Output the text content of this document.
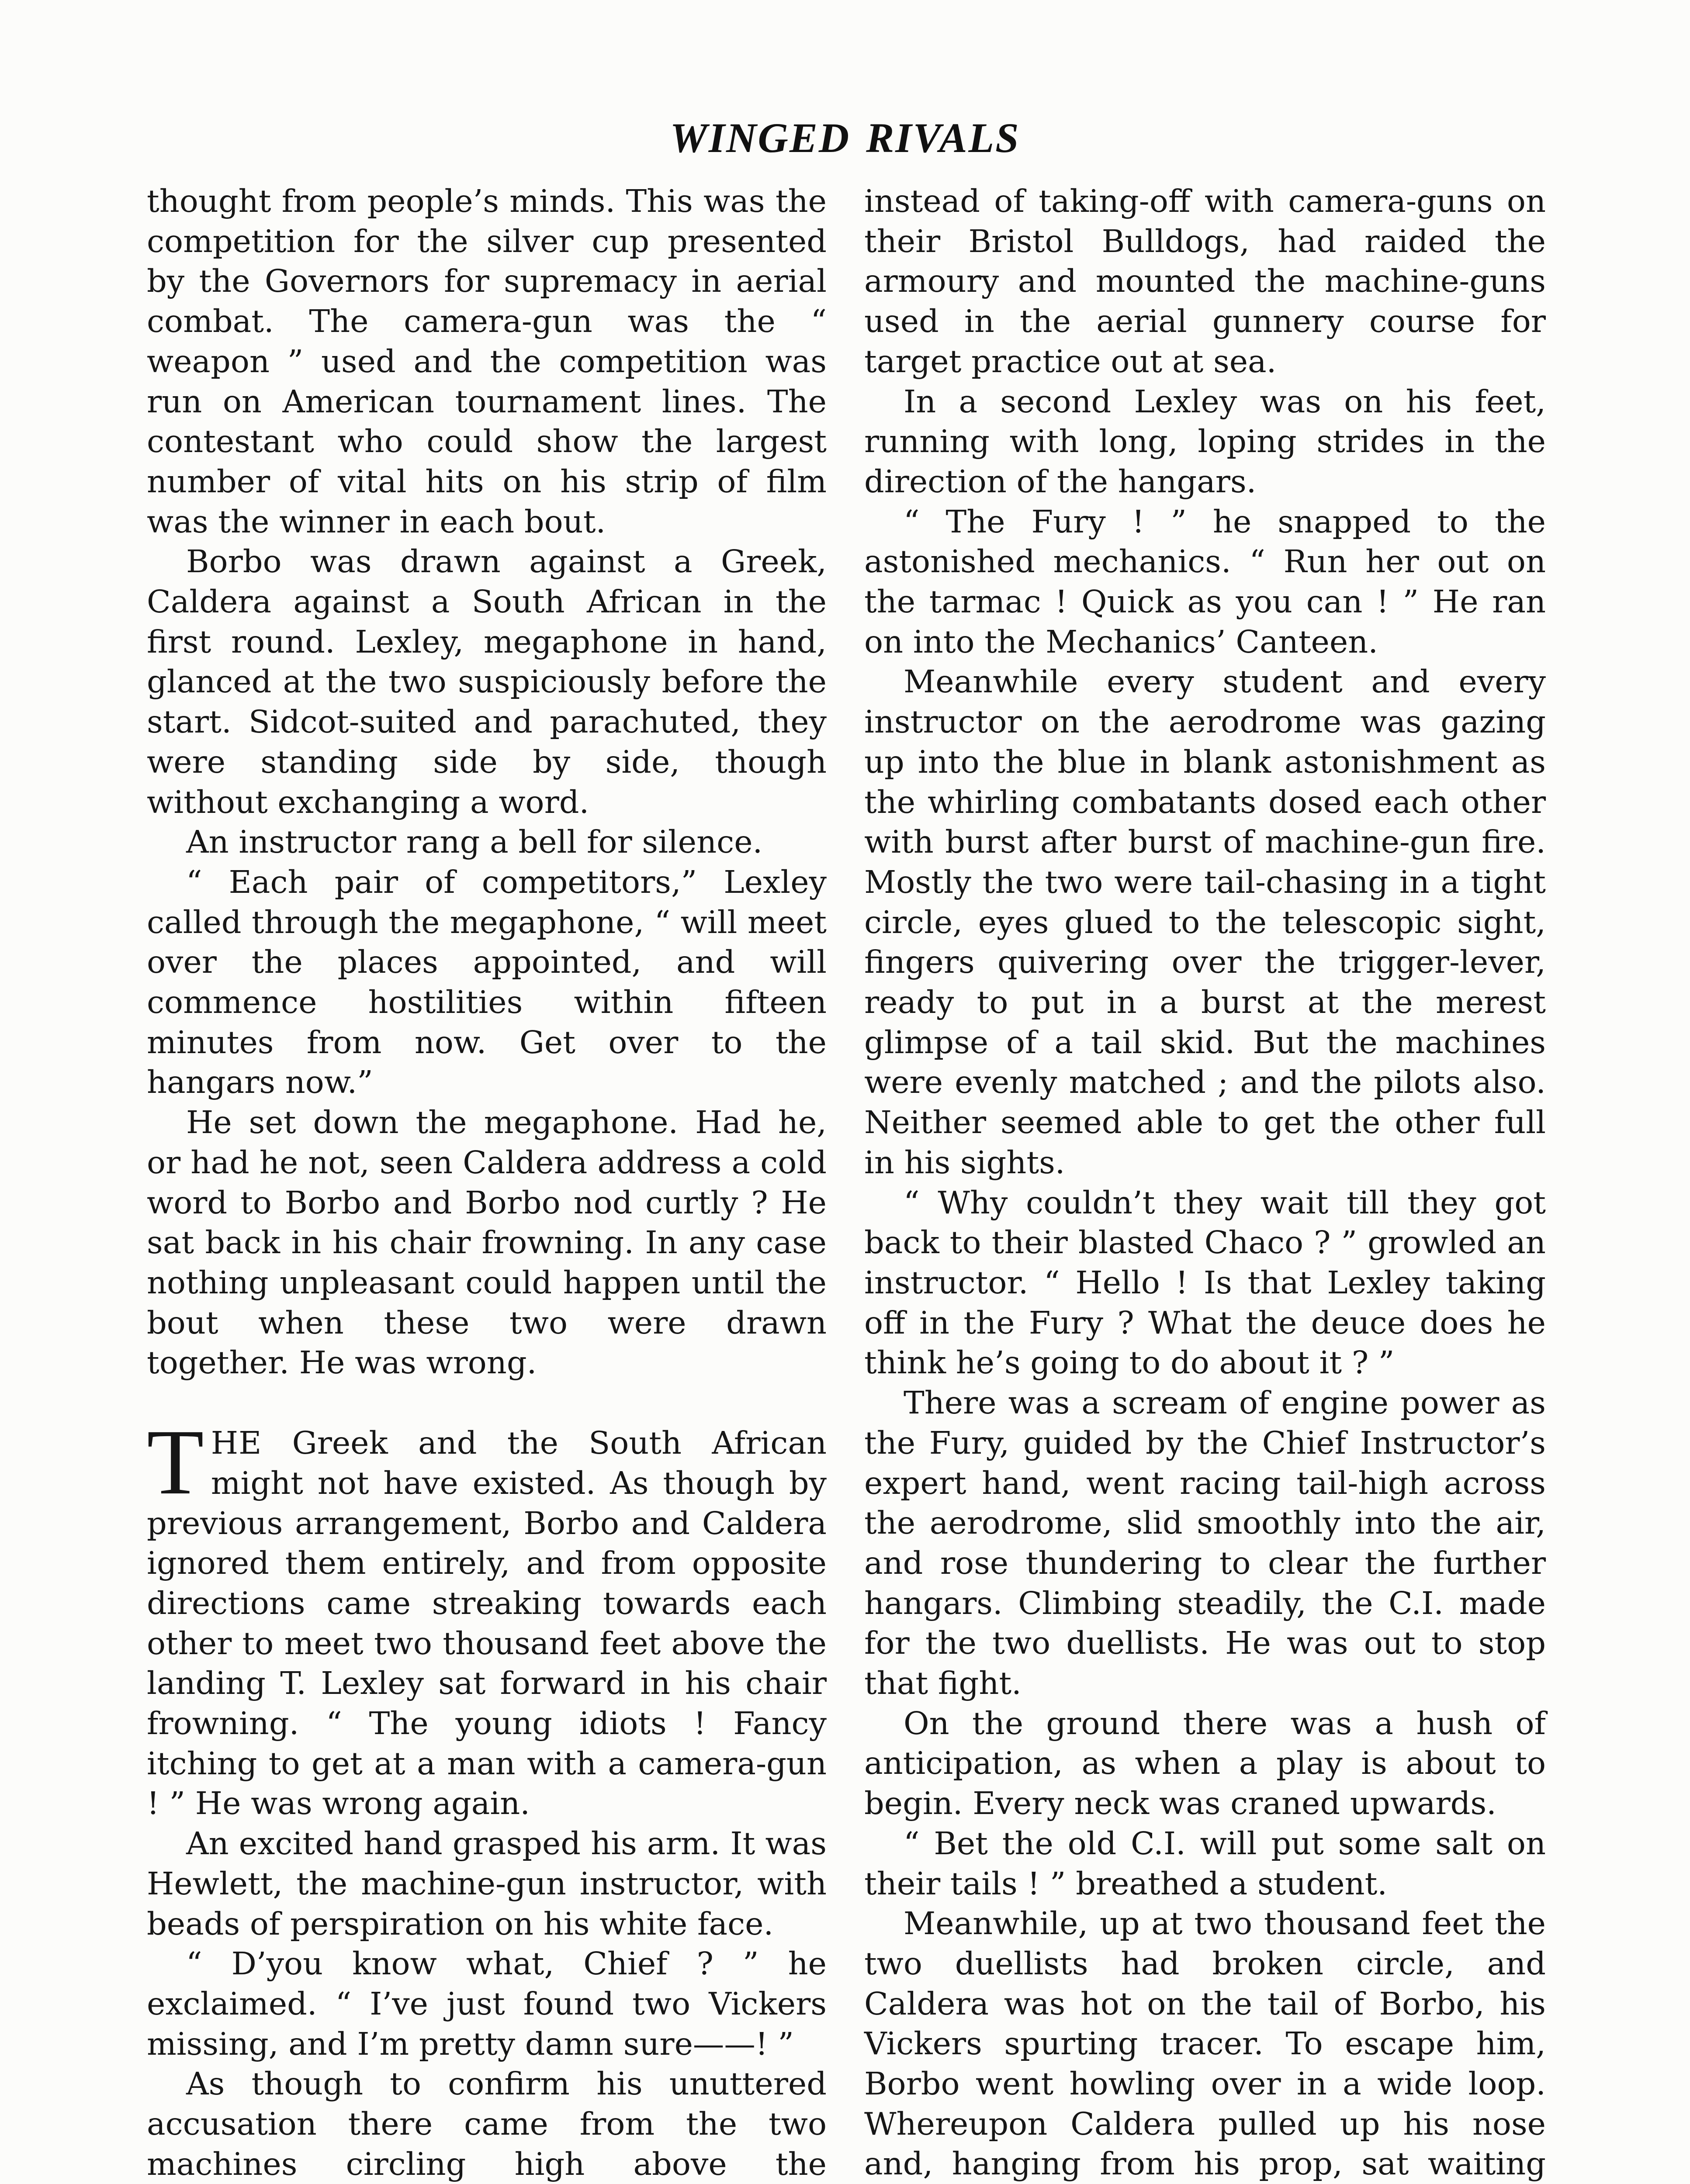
WINGED RIVALS

thought from people’s minds. This was the competition for the silver cup presented by the Governors for supremacy in aerial combat. The camera-gun was the “ weapon ” used and the competition was run on American tournament lines. The contestant who could show the largest number of vital hits on his strip of film was the winner in each bout.

Borbo was drawn against a Greek, Caldera against a South African in the first round. Lexley, megaphone in hand, glanced at the two suspiciously before the start. Sidcot-suited and parachuted, they were standing side by side, though without exchanging a word.

An instructor rang a bell for silence.

“ Each pair of competitors,” Lexley called through the megaphone, “ will meet over the places appointed, and will commence hostilities within fifteen minutes from now. Get over to the hangars now.”

He set down the megaphone. Had he, or had he not, seen Caldera address a cold word to Borbo and Borbo nod curtly ? He sat back in his chair frowning. In any case nothing unpleasant could happen until the bout when these two were drawn together. He was wrong.

THE Greek and the South African might not have existed. As though by previous arrangement, Borbo and Caldera ignored them entirely, and from opposite directions came streaking towards each other to meet two thousand feet above the landing T. Lexley sat forward in his chair frowning. “ The young idiots ! Fancy itching to get at a man with a camera-gun ! ” He was wrong again.

An excited hand grasped his arm. It was Hewlett, the machine-gun instructor, with beads of perspiration on his white face.

“ D’you know what, Chief ? ” he exclaimed. “ I’ve just found two Vickers missing, and I’m pretty damn sure——! ”

As though to confirm his unuttered accusation there came from the two machines circling high above the

instead of taking-off with camera-guns on their Bristol Bulldogs, had raided the armoury and mounted the machine-guns used in the aerial gunnery course for target practice out at sea.

In a second Lexley was on his feet, running with long, loping strides in the direction of the hangars.

“ The Fury ! ” he snapped to the astonished mechanics. “ Run her out on the tarmac ! Quick as you can ! ” He ran on into the Mechanics’ Canteen.

Meanwhile every student and every instructor on the aerodrome was gazing up into the blue in blank astonishment as the whirling combatants dosed each other with burst after burst of machine-gun fire. Mostly the two were tail-chasing in a tight circle, eyes glued to the telescopic sight, fingers quivering over the trigger-lever, ready to put in a burst at the merest glimpse of a tail skid. But the machines were evenly matched ; and the pilots also. Neither seemed able to get the other full in his sights.

“ Why couldn’t they wait till they got back to their blasted Chaco ? ” growled an instructor. “ Hello ! Is that Lexley taking off in the Fury ? What the deuce does he think he’s going to do about it ? ”

There was a scream of engine power as the Fury, guided by the Chief Instructor’s expert hand, went racing tail-high across the aerodrome, slid smoothly into the air, and rose thundering to clear the further hangars. Climbing steadily, the C.I. made for the two duellists. He was out to stop that fight.

On the ground there was a hush of anticipation, as when a play is about to begin. Every neck was craned upwards.

“ Bet the old C.I. will put some salt on their tails ! ” breathed a student.

Meanwhile, up at two thousand feet the two duellists had broken circle, and Caldera was hot on the tail of Borbo, his Vickers spurting tracer. To escape him, Borbo went howling over in a wide loop. Whereupon Caldera pulled up his nose and, hanging from his prop, sat waiting
